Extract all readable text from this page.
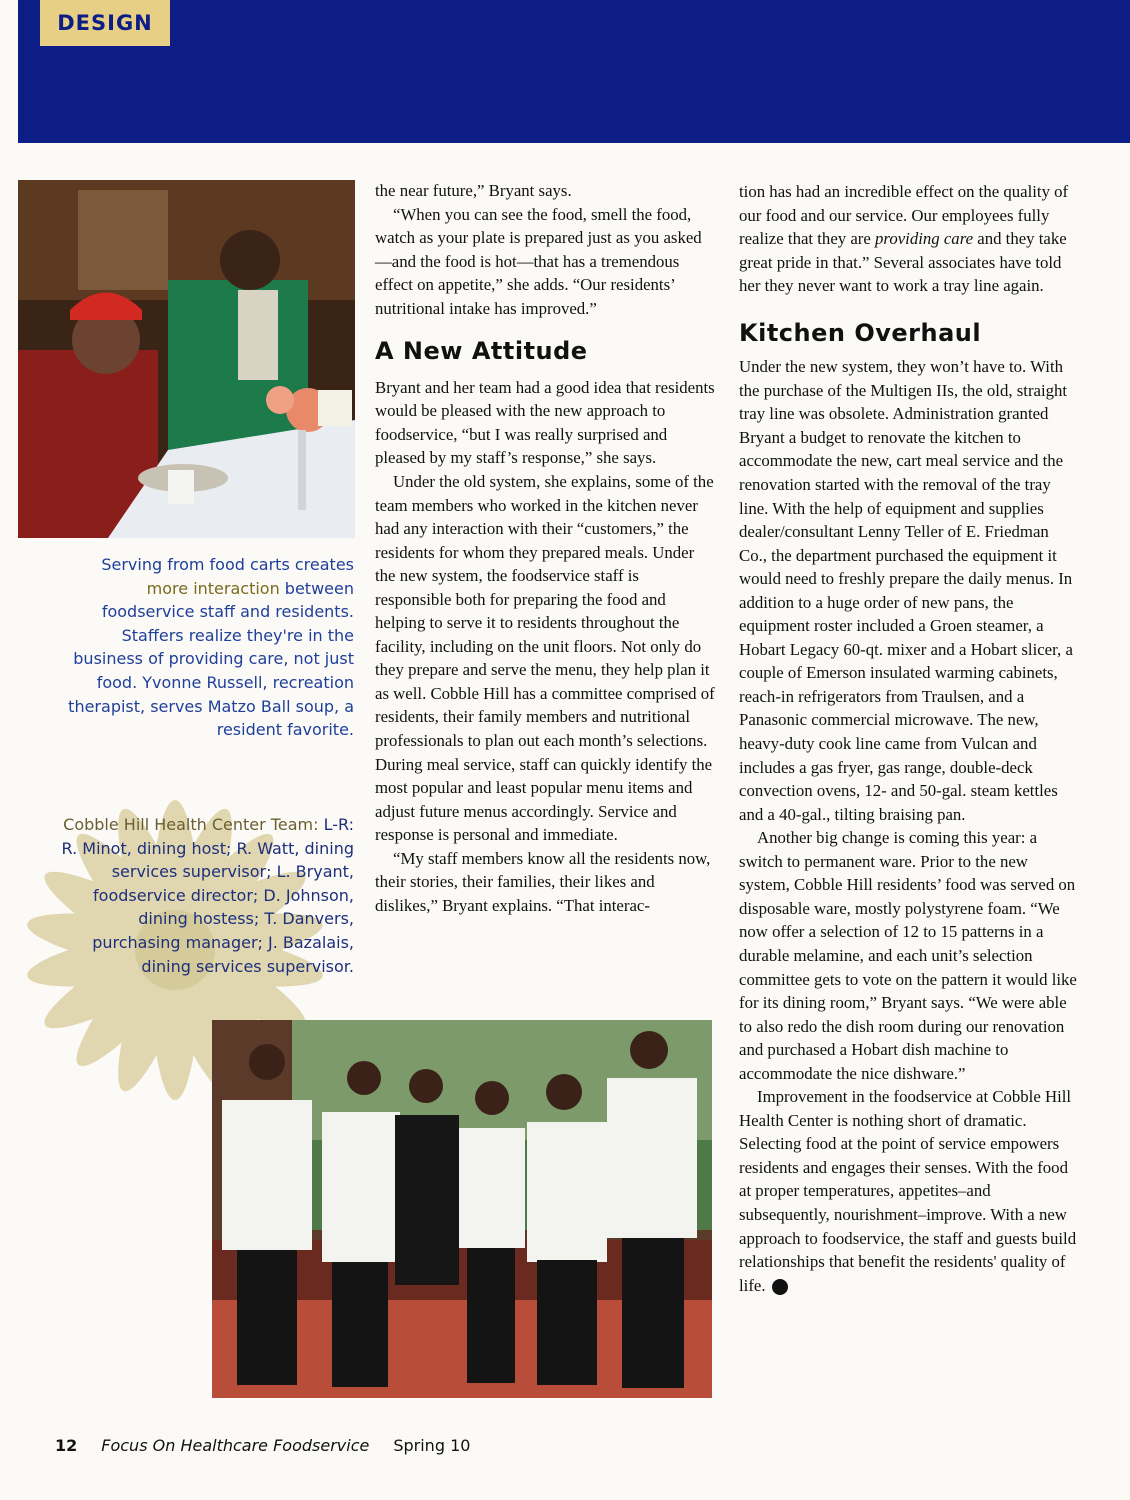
DESIGN
Serving from food carts creates more interaction between foodservice staff and residents. Staffers realize they're in the business of providing care, not just food. Yvonne Russell, recreation therapist, serves Matzo Ball soup, a resident favorite.
Cobble Hill Health Center Team: L-R: R. Minot, dining host; R. Watt, dining services supervisor; L. Bryant, foodservice director; D. Johnson, dining hostess; T. Danvers, purchasing manager; J. Bazalais, dining services supervisor.

the near future,” Bryant says.

“When you can see the food, smell the food, watch as your plate is prepared just as you asked—and the food is hot—that has a tremendous effect on appetite,” she adds. “Our residents’ nutritional intake has improved.”

A New Attitude

Bryant and her team had a good idea that residents would be pleased with the new approach to foodservice, “but I was really surprised and pleased by my staff’s response,” she says.

Under the old system, she explains, some of the team members who worked in the kitchen never had any interaction with their “customers,” the residents for whom they prepared meals. Under the new system, the foodservice staff is responsible both for preparing the food and helping to serve it to residents throughout the facility, including on the unit floors. Not only do they prepare and serve the menu, they help plan it as well. Cobble Hill has a committee comprised of residents, their family members and nutritional professionals to plan out each month’s selections. During meal service, staff can quickly identify the most popular and least popular menu items and adjust future menus accordingly. Service and response is personal and immediate.

“My staff members know all the residents now, their stories, their families, their likes and dislikes,” Bryant explains. “That interac-

tion has had an incredible effect on the quality of our food and our service. Our employees fully realize that they are providing care and they take great pride in that.” Several associates have told her they never want to work a tray line again.

Kitchen Overhaul

Under the new system, they won’t have to. With the purchase of the Multigen IIs, the old, straight tray line was obsolete. Administration granted Bryant a budget to renovate the kitchen to accommodate the new, cart meal service and the renovation started with the removal of the tray line. With the help of equipment and supplies dealer/consultant Lenny Teller of E. Friedman Co., the department purchased the equipment it would need to freshly prepare the daily menus. In addition to a huge order of new pans, the equipment roster included a Groen steamer, a Hobart Legacy 60-qt. mixer and a Hobart slicer, a couple of Emerson insulated warming cabinets, reach-in refrigerators from Traulsen, and a Panasonic commercial microwave. The new, heavy-duty cook line came from Vulcan and includes a gas fryer, gas range, double-deck convection ovens, 12- and 50-gal. steam kettles and a 40-gal., tilting braising pan.

Another big change is coming this year: a switch to permanent ware. Prior to the new system, Cobble Hill residents’ food was served on disposable ware, mostly polystyrene foam. “We now offer a selection of 12 to 15 patterns in a durable melamine, and each unit’s selection committee gets to vote on the pattern it would like for its dining room,” Bryant says. “We were able to also redo the dish room during our renovation and purchased a Hobart dish machine to accommodate the nice dishware.”

Improvement in the foodservice at Cobble Hill Health Center is nothing short of dramatic. Selecting food at the point of service empowers residents and engages their senses. With the food at proper temperatures, appetites–and subsequently, nourishment–improve. With a new approach to foodservice, the staff and guests build relationships that benefit the residents' quality of life.

12 Focus On Healthcare Foodservice Spring 10
